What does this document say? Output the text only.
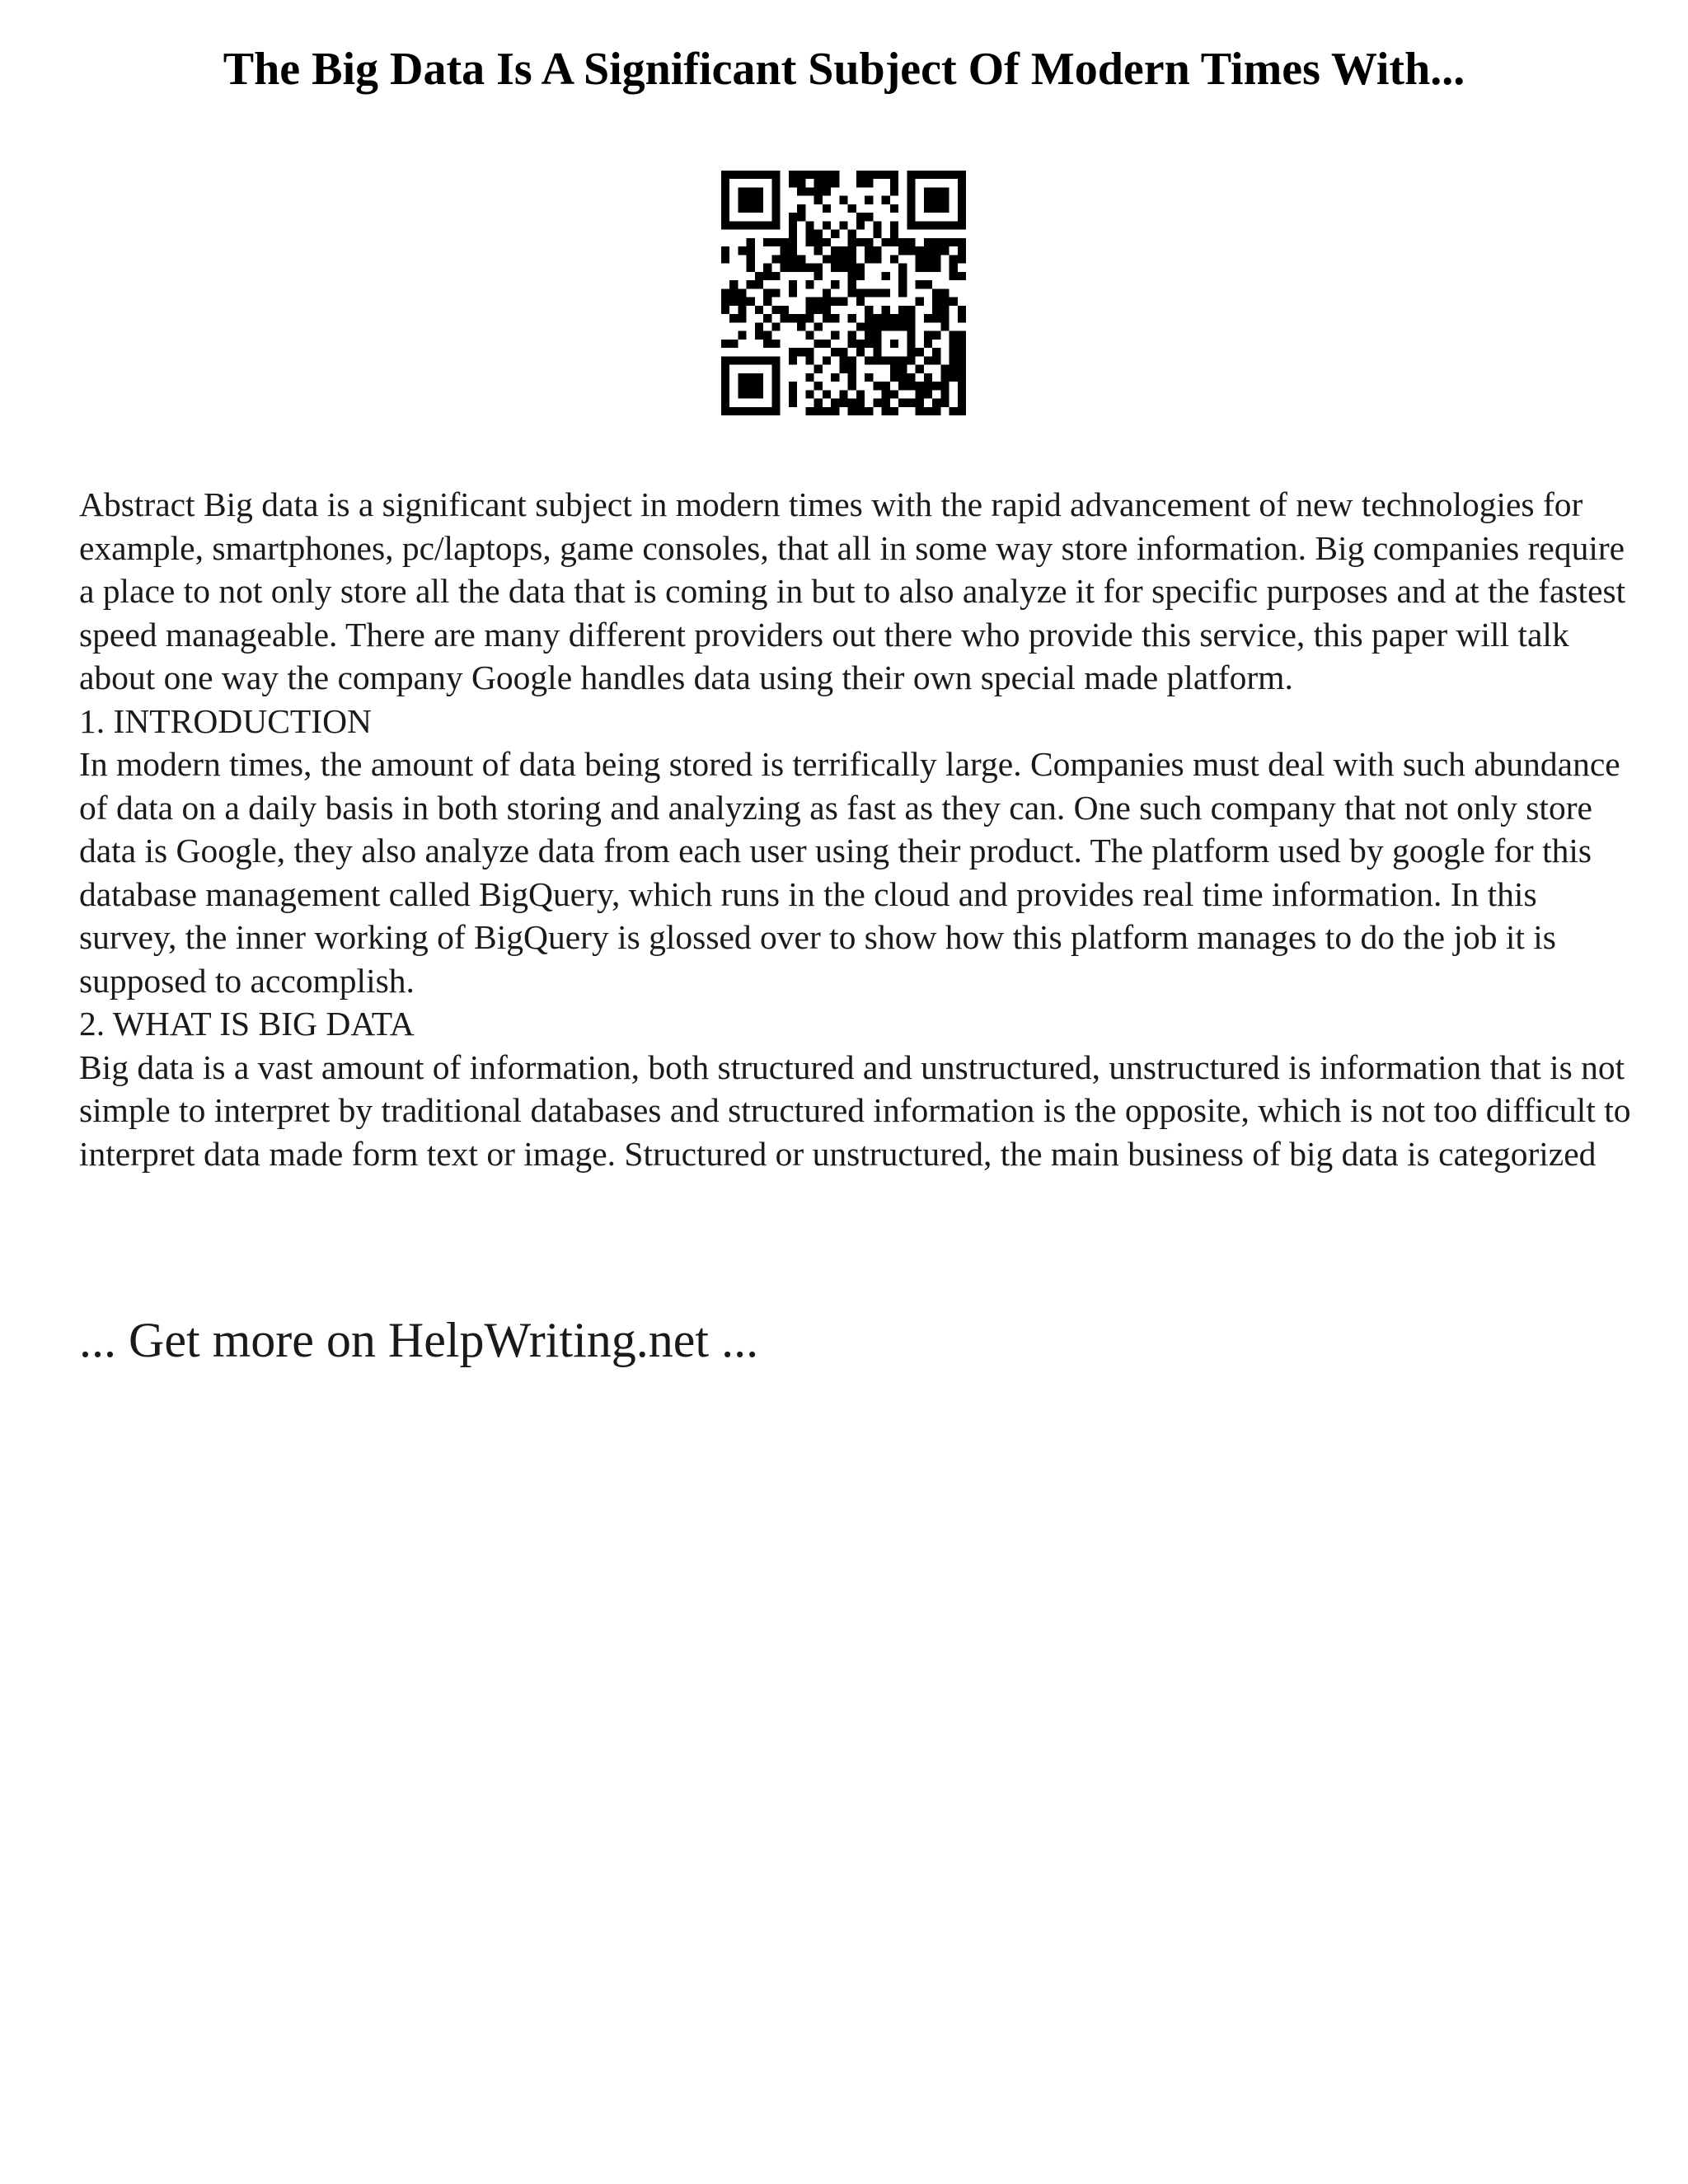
The Big Data Is A Significant Subject Of Modern Times With...

Abstract Big data is a significant subject in modern times with the rapid advancement of new technologies for example, smartphones, pc/laptops, game consoles, that all in some way store information. Big companies require a place to not only store all the data that is coming in but to also analyze it for specific purposes and at the fastest speed manageable. There are many different providers out there who provide this service, this paper will talk about one way the company Google handles data using their own special made platform.

1. INTRODUCTION

In modern times, the amount of data being stored is terrifically large. Companies must deal with such abundance of data on a daily basis in both storing and analyzing as fast as they can. One such company that not only store data is Google, they also analyze data from each user using their product. The platform used by google for this database management called BigQuery, which runs in the cloud and provides real time information. In this survey, the inner working of BigQuery is glossed over to show how this platform manages to do the job it is supposed to accomplish.

2. WHAT IS BIG DATA

Big data is a vast amount of information, both structured and unstructured, unstructured is information that is not simple to interpret by traditional databases and structured information is the opposite, which is not too difficult to interpret data made form text or image. Structured or unstructured, the main business of big data is categorized

... Get more on HelpWriting.net ...
